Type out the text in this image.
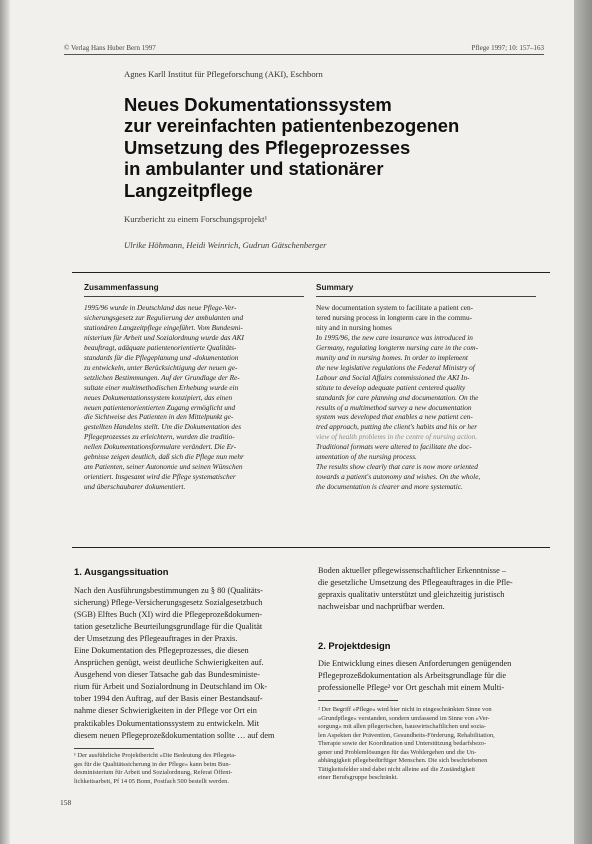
© Verlag Hans Huber Bern 1997	Pflege 1997; 10: 157–163
Agnes Karll Institut für Pflegeforschung (AKI), Eschborn
Neues Dokumentationssystem
zur vereinfachten patientenbezogenen
Umsetzung des Pflegeprozesses
in ambulanter und stationärer
Langzeitpflege
Kurzbericht zu einem Forschungsprojekt¹
Ulrike Höhmann, Heidi Weinrich, Gudrun Gätschenberger
Zusammenfassung
1995/96 wurde in Deutschland das neue Pflege-Ver-
sicherungsgesetz zur Regulierung der ambulanten und
stationären Langzeitpflege eingeführt. Vom Bundesmi-
nisterium für Arbeit und Sozialordnung wurde das AKI
beauftragt, adäquate patientenorientierte Qualitäts-
standards für die Pflegeplanung und -dokumentation
zu entwickeln, unter Berücksichtigung der neuen ge-
setzlichen Bestimmungen. Auf der Grundlage der Re-
sultate einer multimethodischen Erhebung wurde ein
neues Dokumentationssystem konzipiert, das einen
neuen patientenorientierten Zugang ermöglicht und
die Sichtweise des Patienten in den Mittelpunkt ge-
gestellten Handelns stellt. Um die Dokumentation des
Pflegeprozesses zu erleichtern, wurden die traditio-
nellen Dokumentationsformulare verändert. Die Er-
gebnisse zeigen deutlich, daß sich die Pflege nun mehr
am Patienten, seiner Autonomie und seinen Wünschen
orientiert. Insgesamt wird die Pflege systematischer
und überschaubarer dokumentiert.
Summary
New documentation system to facilitate a patient cen-
tered nursing process in longterm care in the commu-
nity and in nursing homes
In 1995/96, the new care insurance was introduced in
Germany, regulating longterm nursing care in the com-
munity and in nursing homes. In order to implement
the new legislative regulations the Federal Ministry of
Labour and Social Affairs commissioned the AKI In-
stitute to develop adequate patient centered quality
standards for care planning and documentation. On the
results of a multimethod survey a new documentation
system was developed that enables a new patient cen-
tred approach, putting the client's habits and his or her
view of health problems in the centre of nursing action.
Traditional formats were altered to facilitate the doc-
umentation of the nursing process.
The results show clearly that care is now more oriented
towards a patient's autonomy and wishes. On the whole,
the documentation is clearer and more systematic.
1. Ausgangssituation
Nach den Ausführungsbestimmungen zu § 80 (Qualitäts-
sicherung) Pflege-Versicherungsgesetz Sozialgesetzbuch
(SGB) Elftes Buch (XI) wird die Pflegeprozeßdokumen-
tation gesetzliche Beurteilungsgrundlage für die Qualität
der Umsetzung des Pflegeauftrages in der Praxis.
Eine Dokumentation des Pflegeprozesses, die diesen
Ansprüchen genügt, weist deutliche Schwierigkeiten auf.
Ausgehend von dieser Tatsache gab das Bundesministe-
rium für Arbeit und Sozialordnung in Deutschland im Ok-
tober 1994 den Auftrag, auf der Basis einer Bestandsauf-
nahme dieser Schwierigkeiten in der Pflege vor Ort ein
praktikables Dokumentationssystem zu entwickeln. Mit
diesem neuen Pflegeprozeßdokumentation sollte … auf dem
¹ Der ausführliche Projektbericht »Die Bedeutung des Pflegeta-
ges für die Qualitätssicherung in der Pflege« kann beim Bun-
desministerium für Arbeit und Sozialordnung, Referat Öffent-
lichkeitsarbeit, Pf 14 05 Bonn, Postfach 500 bestellt werden.
158
Boden aktueller pflegewissenschaftlicher Erkenntnisse –
die gesetzliche Umsetzung des Pflegeauftrages in die Pfle-
gepraxis qualitativ unterstützt und gleichzeitig juristisch
nachweisbar und nachprüfbar werden.
2. Projektdesign
Die Entwicklung eines diesen Anforderungen genügenden
Pflegeprozeßdokumentation als Arbeitsgrundlage für die
professionelle Pflege² vor Ort geschah mit einem Multi-
² Der Begriff »Pflege« wird hier nicht in eingeschränkten Sinne von
»Grundpflege« verstanden, sondern umfassend im Sinne von »Ver-
sorgung« mit allen pflegerischen, hauswirtschaftlichen und sozia-
len Aspekten der Prävention, Gesundheits-Förderung, Rehabilitation,
Therapie sowie der Koordination und Unterstützung bedarfsbezo-
gener und Problemlösungen für das Wohlergehen und die Un-
abhängigkeit pflegebedürftiger Menschen. Die sich beschriebenen
Tätigkeitsfelder sind dabei nicht alleine auf die Zuständigkeit
einer Berufsgruppe beschränkt.
